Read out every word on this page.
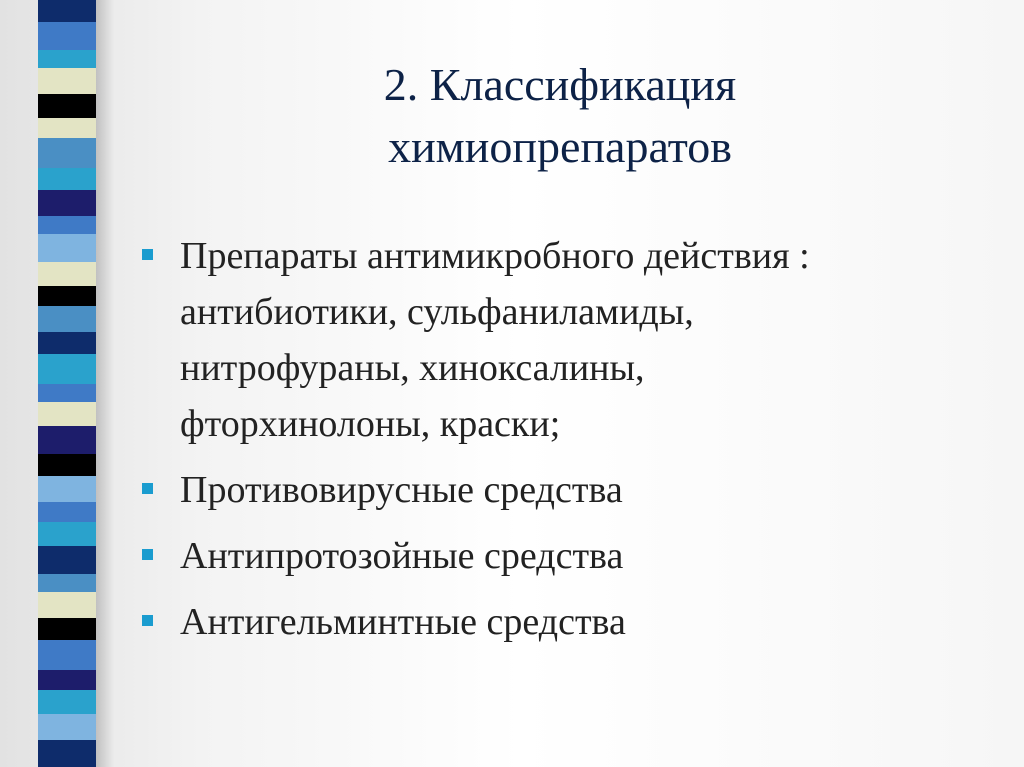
2. Классификация
химиопрепаратов
Препараты антимикробного действия :
антибиотики, сульфаниламиды,
нитрофураны, хиноксалины,
фторхинолоны, краски;
Противовирусные средства
Антипротозойные средства
Антигельминтные средства
